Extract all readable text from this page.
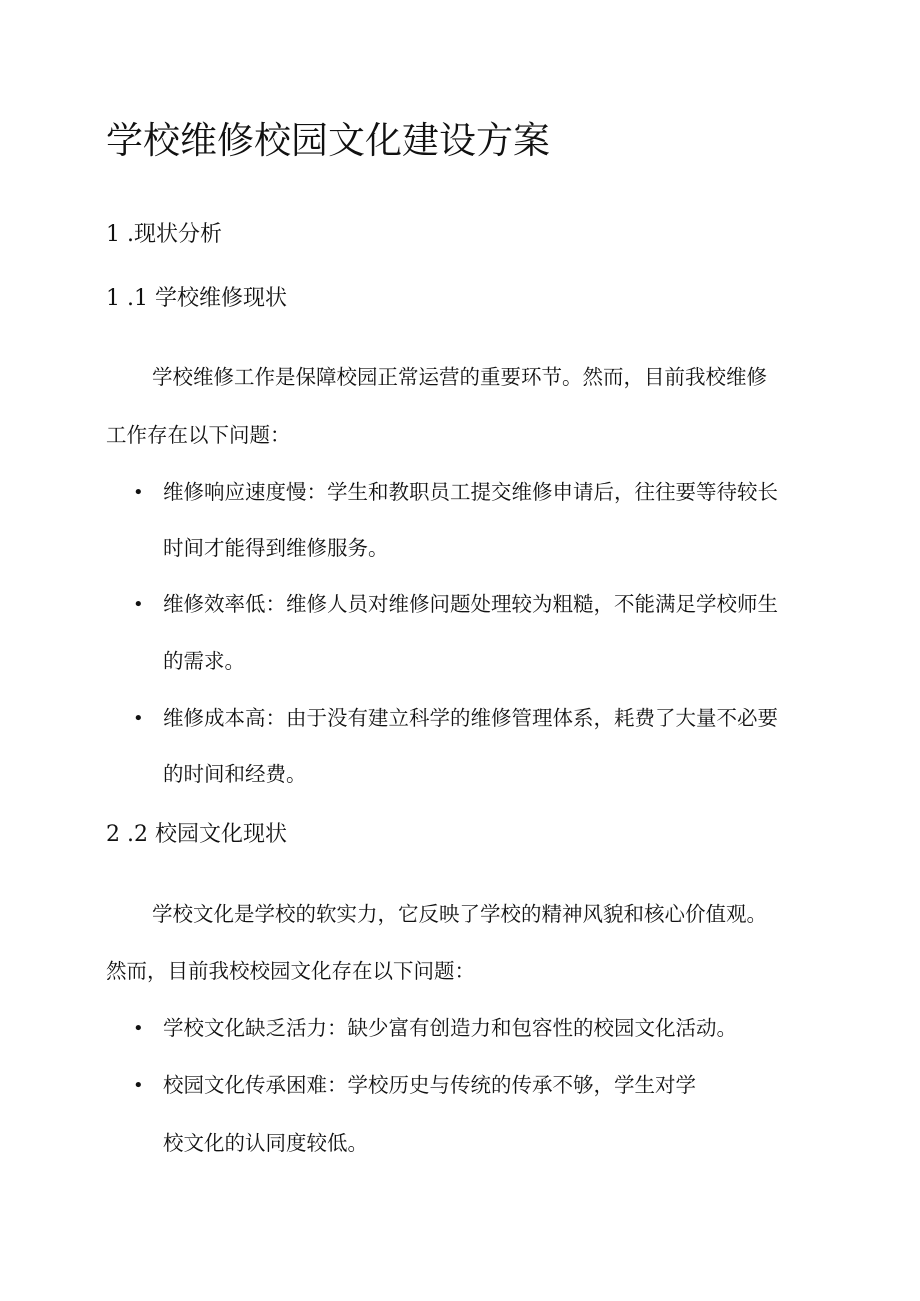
学校维修校园文化建设方案
1 .现状分析
1 .1 学校维修现状
学校维修工作是保障校园正常运营的重要环节。然而，目前我校维修
工作存在以下问题：
• 维修响应速度慢：学生和教职员工提交维修申请后，往往要等待较长
时间才能得到维修服务。
• 维修效率低：维修人员对维修问题处理较为粗糙，不能满足学校师生
的需求。
• 维修成本高：由于没有建立科学的维修管理体系，耗费了大量不必要
的时间和经费。
2 .2 校园文化现状
学校文化是学校的软实力，它反映了学校的精神风貌和核心价值观。
然而，目前我校校园文化存在以下问题：
• 学校文化缺乏活力：缺少富有创造力和包容性的校园文化活动。
• 校园文化传承困难：学校历史与传统的传承不够，学生对学
校文化的认同度较低。
